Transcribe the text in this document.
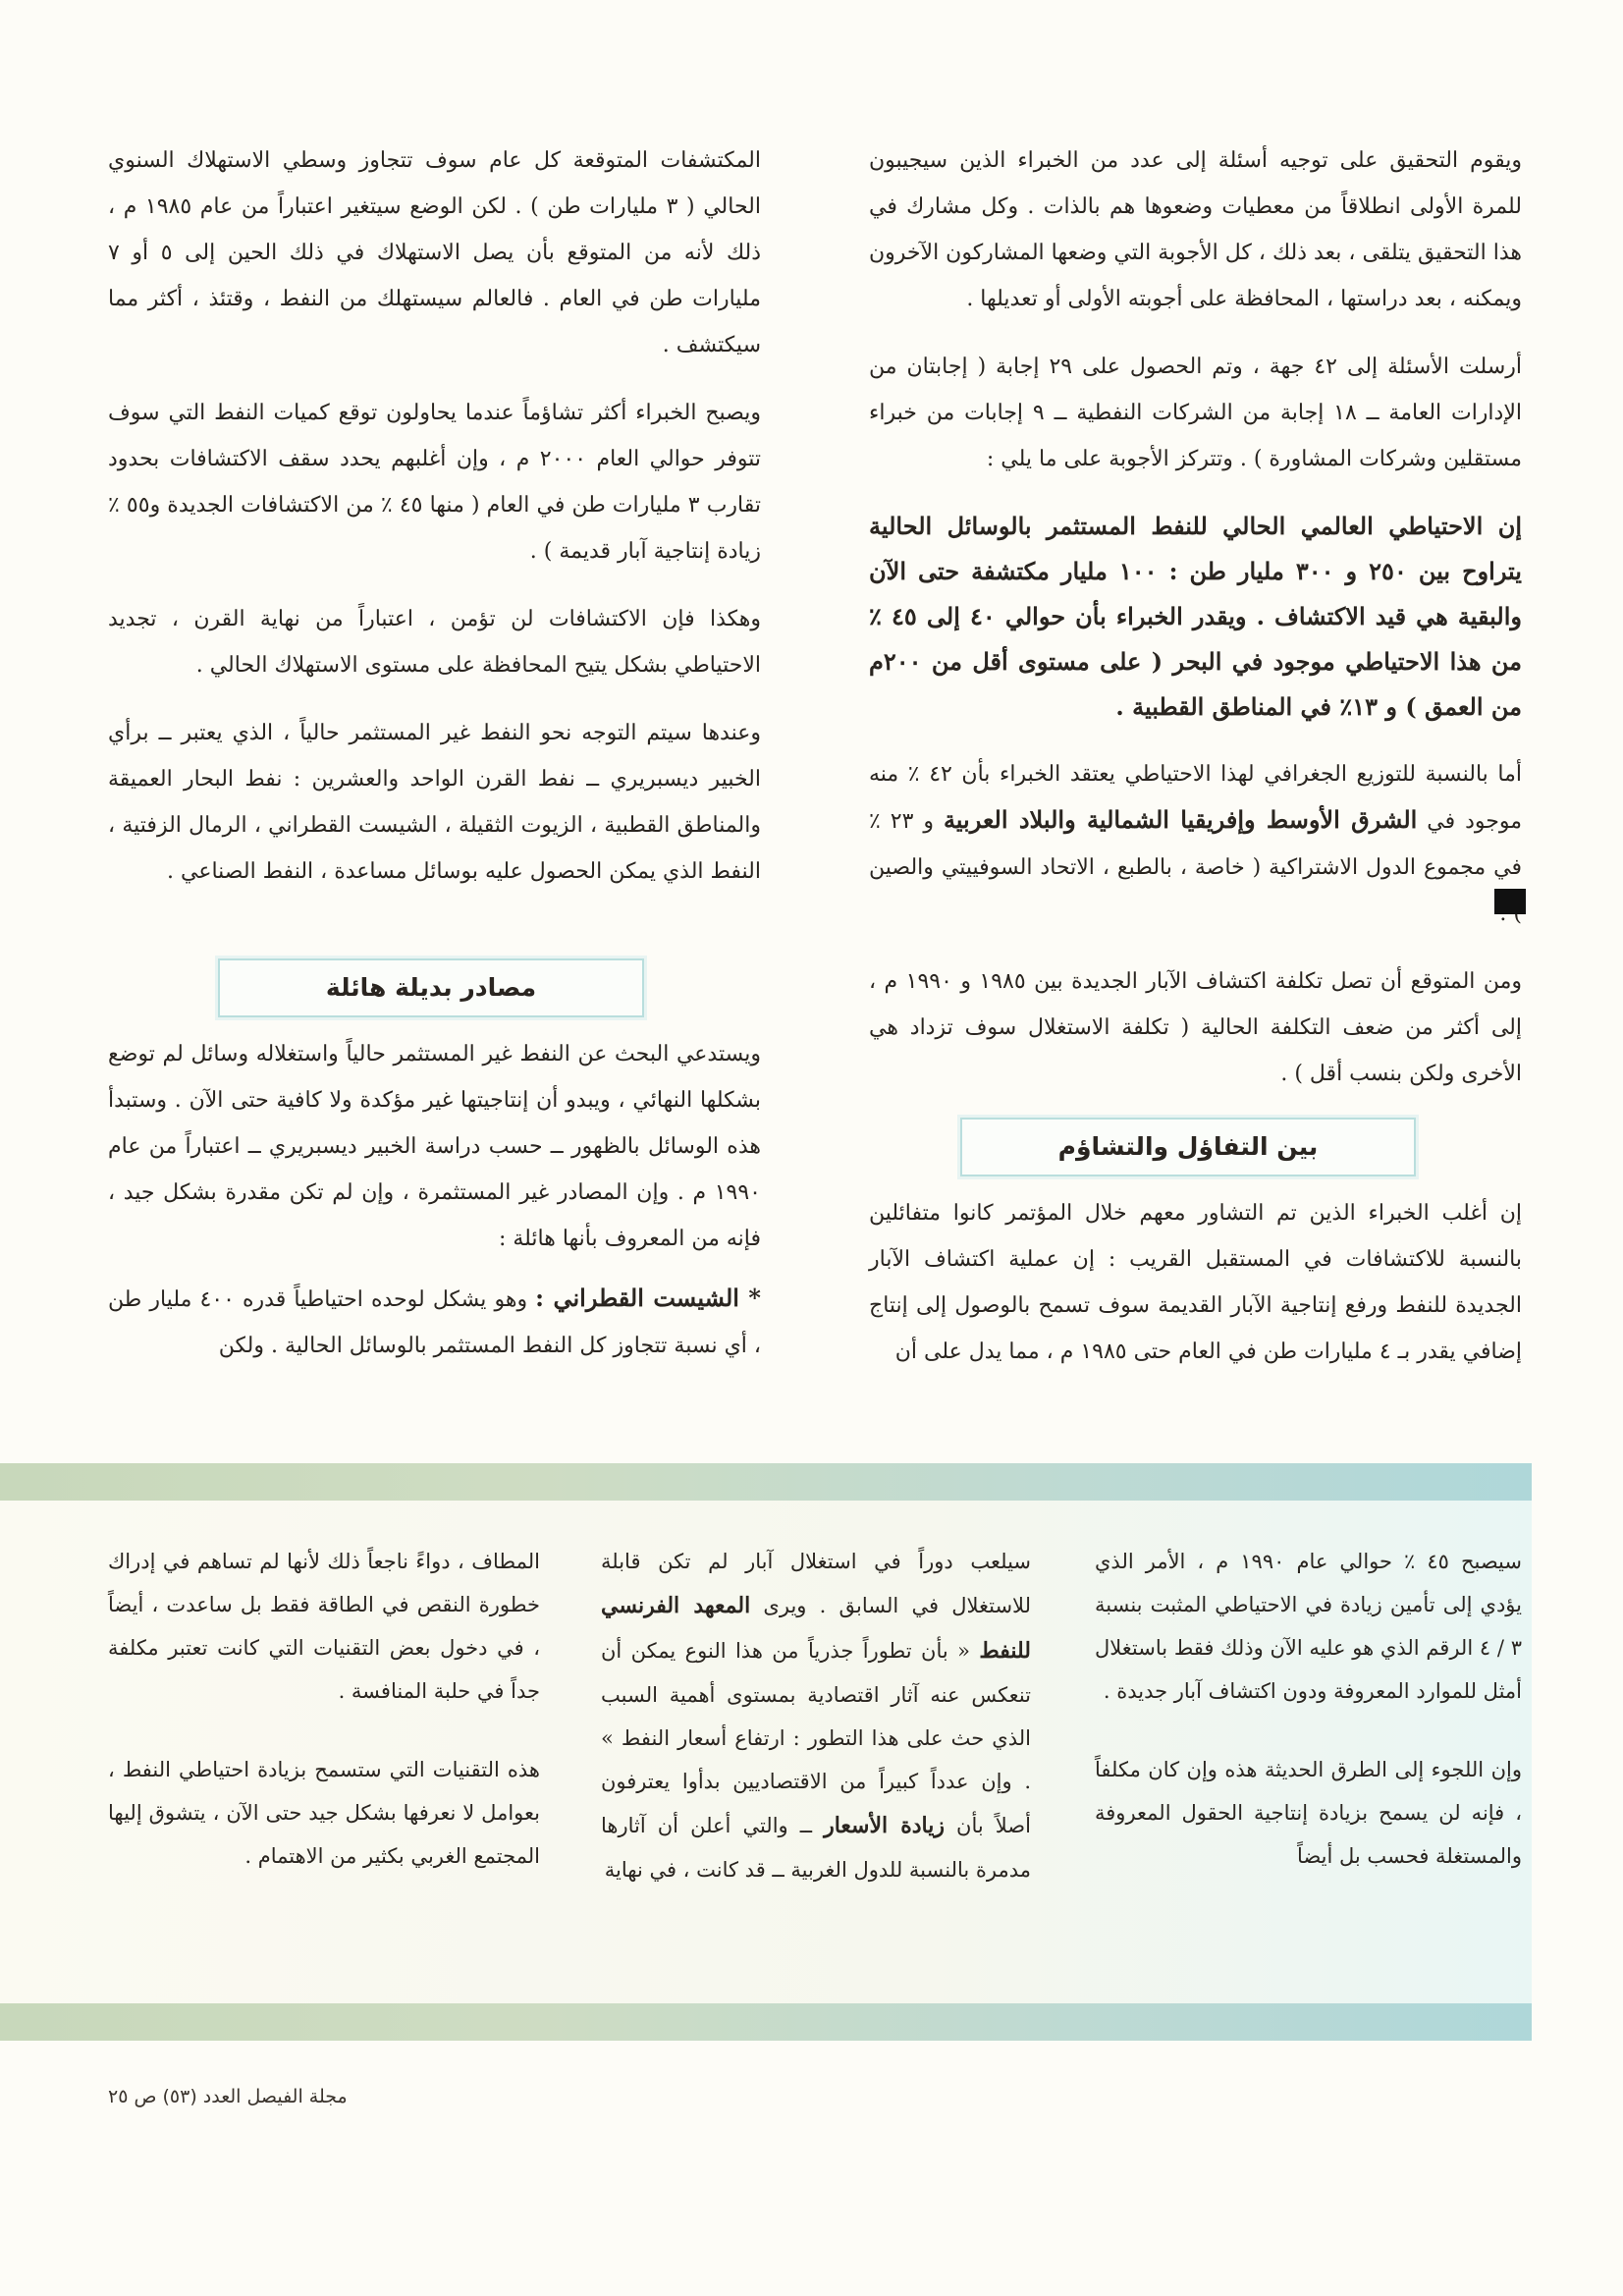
ويقوم التحقيق على توجيه أسئلة إلى عدد من الخبراء الذين سيجيبون للمرة الأولى انطلاقاً من معطيات وضعوها هم بالذات . وكل مشارك في هذا التحقيق يتلقى ، بعد ذلك ، كل الأجوبة التي وضعها المشاركون الآخرون ويمكنه ، بعد دراستها ، المحافظة على أجوبته الأولى أو تعديلها .

أرسلت الأسئلة إلى ٤٢ جهة ، وتم الحصول على ٢٩ إجابة ( إجابتان من الإدارات العامة ــ ١٨ إجابة من الشركات النفطية ــ ٩ إجابات من خبراء مستقلين وشركات المشاورة ) . وتتركز الأجوبة على ما يلي :

إن الاحتياطي العالمي الحالي للنفط المستثمر بالوسائل الحالية يتراوح بين ٢٥٠ و ٣٠٠ مليار طن : ١٠٠ مليار مكتشفة حتى الآن والبقية هي قيد الاكتشاف . ويقدر الخبراء بأن حوالي ٤٠ إلى ٤٥ ٪ من هذا الاحتياطي موجود في البحر ( على مستوى أقل من ٢٠٠م من العمق ) و ١٣٪ في المناطق القطبية .

أما بالنسبة للتوزيع الجغرافي لهذا الاحتياطي يعتقد الخبراء بأن ٤٢ ٪ منه موجود في الشرق الأوسط وإفريقيا الشمالية والبلاد العربية و ٢٣ ٪ في مجموع الدول الاشتراكية ( خاصة ، بالطبع ، الاتحاد السوفييتي والصين

ومن المتوقع أن تصل تكلفة اكتشاف الآبار الجديدة بين ١٩٨٥ و ١٩٩٠ م ، إلى أكثر من ضعف التكلفة الحالية ( تكلفة الاستغلال سوف تزداد هي الأخرى ولكن بنسب أقل ) .

بين التفاؤل والتشاؤم

إن أغلب الخبراء الذين تم التشاور معهم خلال المؤتمر كانوا متفائلين بالنسبة للاكتشافات في المستقبل القريب : إن عملية اكتشاف الآبار الجديدة للنفط ورفع إنتاجية الآبار القديمة سوف تسمح بالوصول إلى إنتاج إضافي يقدر بـ ٤ مليارات طن في العام حتى ١٩٨٥ م ، مما يدل على أن

المكتشفات المتوقعة كل عام سوف تتجاوز وسطي الاستهلاك السنوي الحالي ( ٣ مليارات طن ) . لكن الوضع سيتغير اعتباراً من عام ١٩٨٥ م ، ذلك لأنه من المتوقع بأن يصل الاستهلاك في ذلك الحين إلى ٥ أو ٧ مليارات طن في العام . فالعالم سيستهلك من النفط ، وقتئذ ، أكثر مما سيكتشف .

ويصبح الخبراء أكثر تشاؤماً عندما يحاولون توقع كميات النفط التي سوف تتوفر حوالي العام ٢٠٠٠ م ، وإن أغلبهم يحدد سقف الاكتشافات بحدود تقارب ٣ مليارات طن في العام ( منها ٤٥ ٪ من الاكتشافات الجديدة و٥٥ ٪ زيادة إنتاجية آبار قديمة ) .

وهكذا فإن الاكتشافات لن تؤمن ، اعتباراً من نهاية القرن ، تجديد الاحتياطي بشكل يتيح المحافظة على مستوى الاستهلاك الحالي .

وعندها سيتم التوجه نحو النفط غير المستثمر حالياً ، الذي يعتبر ــ برأي الخبير ديسبريري ــ نفط القرن الواحد والعشرين : نفط البحار العميقة والمناطق القطبية ، الزيوت الثقيلة ، الشيست القطراني ، الرمال الزفتية ، النفط الذي يمكن الحصول عليه بوسائل مساعدة ، النفط الصناعي .

مصادر بديلة هائلة

ويستدعي البحث عن النفط غير المستثمر حالياً واستغلاله وسائل لم توضع بشكلها النهائي ، ويبدو أن إنتاجيتها غير مؤكدة ولا كافية حتى الآن . وستبدأ هذه الوسائل بالظهور ــ حسب دراسة الخبير ديسبريري ــ اعتباراً من عام ١٩٩٠ م . وإن المصادر غير المستثمرة ، وإن لم تكن مقدرة بشكل جيد ، فإنه من المعروف بأنها هائلة :

* الشيست القطراني : وهو يشكل لوحده احتياطياً قدره ٤٠٠ مليار طن ، أي نسبة تتجاوز كل النفط المستثمر بالوسائل الحالية . ولكن

سيصبح ٤٥ ٪ حوالي عام ١٩٩٠ م ، الأمر الذي يؤدي إلى تأمين زيادة في الاحتياطي المثبت بنسبة ٣ / ٤ الرقم الذي هو عليه الآن وذلك فقط باستغلال أمثل للموارد المعروفة ودون اكتشاف آبار جديدة .

وإن اللجوء إلى الطرق الحديثة هذه وإن كان مكلفاً ، فإنه لن يسمح بزيادة إنتاجية الحقول المعروفة والمستغلة فحسب بل أيضاً

سيلعب دوراً في استغلال آبار لم تكن قابلة للاستغلال في السابق . ويرى المعهد الفرنسي للنفط « بأن تطوراً جذرياً من هذا النوع يمكن أن تنعكس عنه آثار اقتصادية بمستوى أهمية السبب الذي حث على هذا التطور : ارتفاع أسعار النفط » . وإن عدداً كبيراً من الاقتصاديين بدأوا يعترفون أصلاً بأن زيادة الأسعار ــ والتي أعلن أن آثارها مدمرة بالنسبة للدول الغربية ــ قد كانت ، في نهاية

المطاف ، دواءً ناجعاً ذلك لأنها لم تساهم في إدراك خطورة النقص في الطاقة فقط بل ساعدت ، أيضاً ، في دخول بعض التقنيات التي كانت تعتبر مكلفة جداً في حلبة المنافسة .

هذه التقنيات التي ستسمح بزيادة احتياطي النفط ، بعوامل لا نعرفها بشكل جيد حتى الآن ، يتشوق إليها المجتمع الغربي بكثير من الاهتمام .

مجلة الفيصل العدد (٥٣) ص ٢٥
